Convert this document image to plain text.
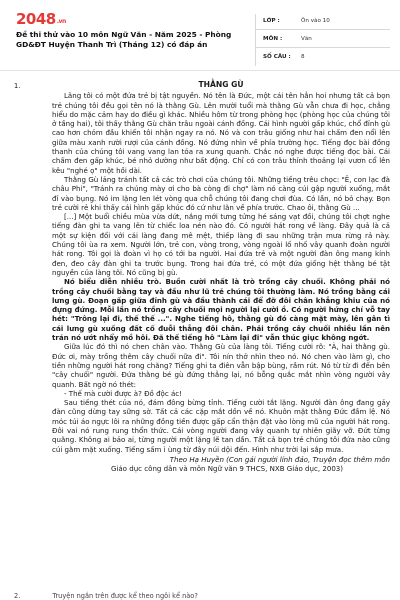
$2048_{.vn}$
Đề thi thử vào 10 môn Ngữ Văn - Năm 2025 - Phòng GD&ĐT Huyện Thanh Trì (Tháng 12) có đáp án
LỚP :	Ôn vào 10
MÔN :	Văn
SỐ CÂU :	8
1.	THẰNG GÙ

Lâng tôi có một đứa trẻ bị tật nguyền. Nó tên là Đức, một cái tên hẳn hoi nhưng tất cả bọn trẻ chúng tôi đều gọi tên nó là thằng Gù. Lên mười tuổi mà thằng Gù vẫn chưa đi học, chẳng hiểu do mặc cảm hay do điều gì khác. Nhiều hôm từ trong phòng học (phòng học của chúng tôi ở tầng hai), tôi thấy thằng Gù chăn trâu ngoài cánh đồng. Cái hình người gấp khúc, chổ đỉnh gù cao hơn chỏm đầu khiến tôi nhận ngay ra nó. Nó và con trâu giống như hai chấm đen nổi lên giữa màu xanh rười rượi của cánh đồng. Nó đứng nhìn về phía trường học. Tiếng đọc bài đồng thanh của chúng tôi vang vang lan tỏa ra xung quanh. Chắc nó nghe được tiếng đọc bài. Cái chấm đen gấp khúc, bé nhỏ dường như bất động. Chỉ có con trâu thỉnh thoảng lại vươn cổ lên kêu "nghé ọ" một hồi dài.

Thằng Gù lảng tránh tất cả các trò chơi của chúng tôi. Những tiếng trêu chọc: "Ê, con lạc đà châu Phi", "Tránh ra chúng mày ơi cho bà còng đi chợ" làm nó càng cúi gập người xuống, mắt đỉ vào bụng. Nó im lặng len lét vòng qua chỗ chúng tôi đang chơi đùa. Có lần, nó bỏ chạy. Bọn trẻ cười rẻ khi thấy cái hình gấp khúc đó cứ như lăn về phía trước. Chao ôi, thằng Gù ...

[...] Một buổi chiều mùa vừa dứt, nắng mới tưng tửng hé sáng vạt đồi, chúng tôi chợt nghe tiếng đàn ghi ta vang lên từ chiếc loa nén nào đó. Có người hát rong về làng. Đây quả là cả một sự kiện đối với cái làng đang mê mệt, thiếp làng đi sau những trận mưa rừng rả này. Chúng tôi ùa ra xem. Người lớn, trẻ con, vòng trong, vòng ngoài lố nhố vây quanh đoàn người hát rong. Tôi gọi là đoàn vì họ có tới ba người. Hai đứa trẻ và một người đàn ông mang kính đen, đeo cây đàn ghi ta trước bụng. Trong hai đứa trẻ, có một đứa giống hệt thằng bé tật nguyền của làng tôi. Nó cũng bị gù.

Nó biểu diễn nhiều trò. Buồn cười nhất là trò trồng cây chuối. Không phải nó trồng cây chuối bằng tay và đầu như lũ trẻ chúng tôi thường làm. Nó trồng bằng cái lưng gù. Đoạn gấp giữa đỉnh gù và đầu thành cái để đỡ đôi chân khẳng khiu của nó đựng đứng. Mỗi lần nó trồng cây chuối mọi người lại cười ồ. Có người hứng chí vỗ tay hét: "Trông lại đi, thế thế ...". Nghe tiếng hô, thằng gù đó càng mặt mày, lên gân tì cái lưng gù xuống đất cố đuỗi thẳng đôi chân. Phải trồng cây chuối nhiều lần nên trán nó ướt nhẩy mồ hôi. Đã thế tiếng hô "Làm lại đi" vẫn thúc giục không ngớt.

Giữa lúc đó thì nó chen chân vào. Thằng Gù của làng tôi. Tiếng cười rõ: "À, hai thằng gù. Đức ơi, mày trồng thêm cây chuối nữa đi". Tôi nín thở nhìn theo nó. Nó chen vào làm gì, cho tiền những người hát rong chăng? Tiếng ghi ta điên vẫn bập bùng, rầm rút. Nó từ từ đi đến bên "cây chuối" người. Đứa thằng bé gù đứng thẳng lại, nó bỗng quắc mắt nhìn vòng người vây quanh. Bất ngờ nó thét:

- Thế mà cười được à? Đồ độc ác!

Sau tiếng thét của nó, đám đông bừng tỉnh. Tiếng cười tắt lặng. Người đàn ông đang gảy đàn cũng dừng tay sững sờ. Tất cả các cặp mắt dồn về nó. Khuôn mặt thằng Đức đầm lệ. Nó móc túi áo ngực lôi ra những đồng tiền được gấp cẩn thận đặt vào lòng mũ của người hát rong. Đôi vai nó rung rung thổn thức. Cái vòng người đang vây quanh tự nhiên giãy vỡ. Đứt từng quãng. Không ai bảo ai, từng người một lặng lẽ tan dần. Tất cả bọn trẻ chúng tôi đứa nào cũng cúi gằm mặt xuống. Tiếng sấm ì ùng từ đây núi dội đến. Hình như trời lại sắp mưa.

Theo Hạ Huyền (Con gái người lính đảo, Truyện đọc thêm môn

Giáo dục công dân và môn Ngữ văn 9 THCS, NXB Giáo dục, 2003)

2.	Truyện ngắn trên được kể theo ngôi kể nào?
